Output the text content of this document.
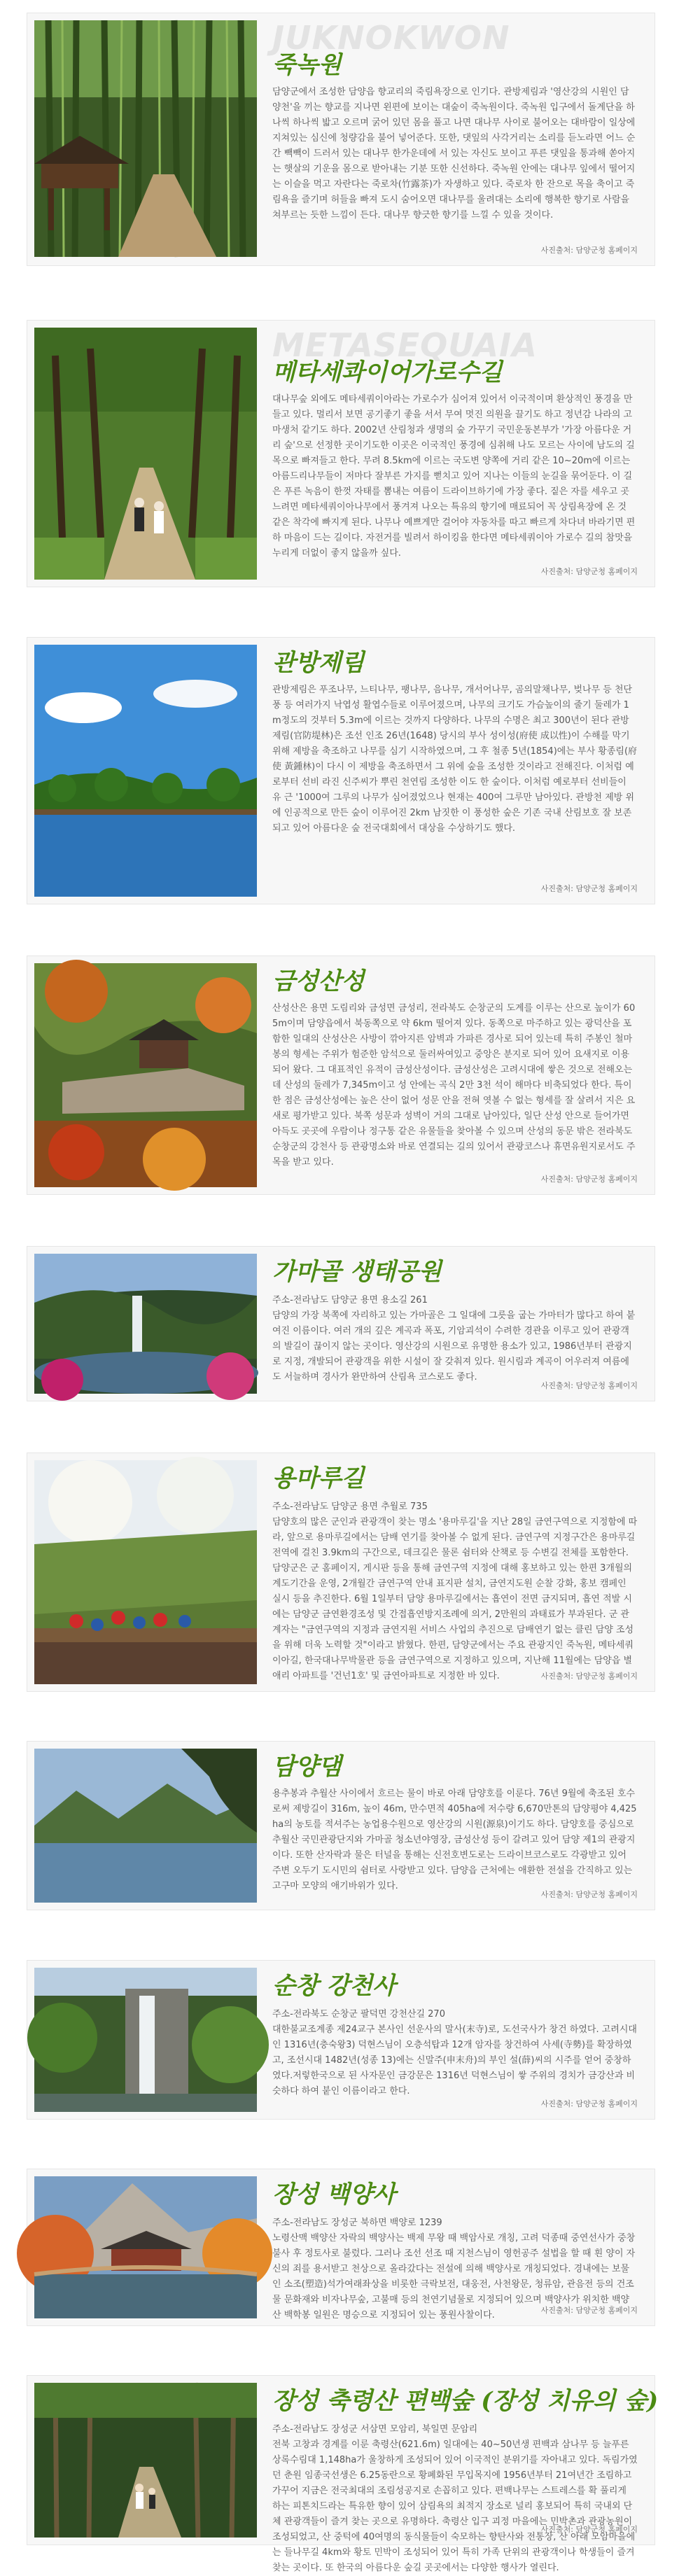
JUKNOKWON
죽녹원
담양군에서 조성한 담양읍 향교리의 죽림욕장으로 인기다. 관방제림과 '영산강의 시원인 담양천'을 끼는 향교를 지나면 왼편에 보이는 대숲이 죽녹원이다. 죽녹원 입구에서 돌계단을 하나씩 하나씩 밟고 오르며 굵어 있던 몸을 풀고 나면 대나무 사이로 불어오는 대바람이 일상에 지쳐있는 심신에 청량감을 불어 넣어준다. 또한, 댓잎의 사각거리는 소리를 듣노라면 어느 순간 빽빽이 드러서 있는 대나무 한가운데에 서 있는 자신도 보이고 푸른 댓잎을 통과해 쏟아지는 햇살의 기운을 몸으로 받아내는 기분 또한 신선하다. 죽녹원 안에는 대나무 잎에서 떨어지는 이슬을 먹고 자란다는 죽로차(竹露茶)가 자생하고 있다. 죽로차 한 잔으로 목을 축이고 죽림욕을 즐기며 허들을 빠져 도시 숨어오면 대나무를 울려대는 소리에 행복한 향기로 사람을 쳐부르는 듯한 느낌이 든다. 대나무 향긋한 향기를 느낄 수 있을 것이다.
사진출처: 담양군청 홈페이지
METASEQUAIA
메타세콰이어가로수길
대나무숲 외에도 메타세쿼이아라는 가로수가 심어져 있어서 이국적이며 환상적인 풍경을 만들고 있다. 멀리서 보면 공기좋기 좋을 서서 무여 멋진 의원을 끌기도 하고 정년감 나라의 고마생처 같기도 하다. 2002년 산림청과 생명의 숲 가꾸기 국민운동본부가 '가장 아름다운 거리 숲'으로 선정한 곳이기도한 이곳은 이국적인 풍경에 심취해 나도 모르는 사이에 남도의 길목으로 빠져들고 한다. 무려 8.5km에 이르는 국도변 양쪽에 거리 같은 10~20m에 이르는 아름드리나무들이 저마다 잘부른 가지를 뻗치고 있어 지나는 이들의 눈길을 묶어둔다. 이 길은 푸른 녹음이 한껏 자태를 뽐내는 여름이 드라이브하기에 가장 좋다. 짙은 자를 세우고 곳느려면 메타세쿼이아나무에서 풍겨져 나오는 특유의 향기에 매료되어 꼭 상림욕장에 온 것 같은 착각에 빠지게 된다. 나무나 예쁘게만 걸어야 자동차를 따고 빠르게 차다녀 바라기면 편하 마음이 드는 길이다. 자전거를 빌려서 하이킹을 한다면 메타세쿼이아 가로수 길의 참맛을 누리게 더없이 좋지 않을까 싶다.
사진출처: 담양군청 홈페이지
관방제림
관방제림은 푸조나무, 느티나무, 팽나무, 음나무, 개서어나무, 곰의말채나무, 벚나무 등 천단풍 등 여러가지 낙엽성 활엽수들로 이루어졌으며, 나무의 크기도 가슴높이의 줄기 둘레가 1m정도의 것부터 5.3m에 이르는 것까지 다양하다. 나무의 수명은 최고 300년이 된다 관방제림(官防堤林)은 조선 인조 26년(1648) 당시의 부사 성이성(府使 成以性)이 수해를 막기 위해 제방을 축조하고 나무를 심기 시작하였으며, 그 후 철종 5년(1854)에는 부사 황종림(府使 黃鍾林)이 다시 이 제방을 축조하면서 그 위에 숲을 조성한 것이라고 전해진다. 이처럼 예로부터 선비 라진 신주씨가 뿌린 천연림 조성한 이도 한 숲이다. 이처럼 예로부터 선비들이 유 근 '1000여 그루의 나무가 심어졌었으나 현재는 400여 그루만 남아있다. 관방천 제방 위에 인공적으로 만든 숲이 이루어진 2km 남짓한 이 풍성한 숲은 기존 국내 산림보호 잘 보존되고 있어 아름다운 숲 전국대회에서 대상을 수상하기도 했다.
사진출처: 담양군청 홈페이지
금성산성
산성산은 용면 도림리와 금성면 금성리, 전라북도 순창군의 도계를 이루는 산으로 높이가 605m이며 담양읍에서 북동쪽으로 약 6km 떨어져 있다. 동쪽으로 마주하고 있는 광덕산을 포함한 일대의 산성산은 사방이 깎아지른 암벽과 가파른 경사로 되어 있는데 특히 주봉인 철마봉의 형세는 주위가 험준한 암석으로 둘러싸여있고 중앙은 분지로 되어 있어 요새지로 이용되어 왔다. 그 대표적인 유적이 금성산성이다. 금성산성은 고려시대에 쌓은 것으로 전해오는데 산성의 둘레가 7,345m이고 성 안에는 곡식 2만 3천 석이 해마다 비축되었다 한다. 특이한 점은 금성산성에는 높은 산이 없어 성문 안을 전혀 엿볼 수 없는 형세를 잘 살려서 지은 요새로 평가받고 있다. 북쪽 성문과 성벽이 거의 그대로 남아있다, 일단 산성 안으로 들어가면 아득도 곳곳에 우람이나 정구통 같은 유물들을 찾아볼 수 있으며 산성의 동문 밖은 전라북도 순창군의 강천사 등 관광명소와 바로 연결되는 길의 있어서 관광코스나 휴면유원지로서도 주목을 받고 있다.
사진출처: 담양군청 홈페이지
가마골 생태공원
주소-전라남도 담양군 용면 용소길 261
담양의 가장 북쪽에 자리하고 있는 가마골은 그 일대에 그릇을 굽는 가마터가 많다고 하여 붙여진 이름이다. 여러 개의 깊은 계곡과 폭포, 기암괴석이 수려한 경관을 이루고 있어 관광객의 발길이 끊이지 않는 곳이다. 영산강의 시원으로 유명한 용소가 있고, 1986년부터 관광지로 지정, 개발되어 관광객을 위한 시설이 잘 갖춰져 있다. 원시림과 계곡이 어우러져 여름에도 서늘하며 경사가 완만하여 산림욕 코스로도 좋다.
사진출처: 담양군청 홈페이지
용마루길
주소-전라남도 담양군 용면 추월로 735
담양호의 많은 군인과 관광객이 찾는 명소 '용마루길'을 지난 28일 금연구역으로 지정함에 따라, 앞으로 용마루길에서는 담배 연기를 찾아볼 수 없게 된다. 금연구역 지정구간은 용마루길 전역에 걸친 3.9km의 구간으로, 데크길은 물론 쉼터와 산책로 등 수변길 전체를 포함한다. 담양군은 군 홈페이지, 게시판 등을 통해 금연구역 지정에 대해 홍보하고 있는 한편 3개월의 계도기간을 운영, 2개월간 금연구역 안내 표지판 설치, 금연지도원 순찰 강화, 홍보 캠페인 실시 등을 추진한다. 6월 1일부터 담양 용마루길에서는 흡연이 전면 금지되며, 흡연 적발 시에는 담양군 금연환경조성 및 간접흡연방지조례에 의거, 2만원의 과태료가 부과된다. 군 관계자는 "금연구역의 지정과 금연지원 서비스 사업의 추진으로 담배연기 없는 클린 담양 조성을 위해 더욱 노력할 것"이라고 밝혔다. 한편, 담양군에서는 주요 관광지인 죽녹원, 메타세쿼이아길, 한국대나무박물관 등을 금연구역으로 지정하고 있으며, 지난해 11월에는 담양읍 별애리 아파트를 '건넌1호' 및 금연아파트로 지정한 바 있다.	사진출처: 담양군청 홈페이지
담양댐
용추봉과 추월산 사이에서 흐르는 물이 바로 아래 담양호를 이룬다. 76년 9월에 축조된 호수로써 제방길이 316m, 높이 46m, 만수면적 405ha에 저수량 6,670만톤의 담양평야 4,425ha의 농토를 적셔주는 농업용수원으로 영산강의 시원(源泉)이기도 하다. 담양호를 중심으로 추월산 국민관광단지와 가마골 청소년야영장, 금성산성 등이 갈려고 있어 담양 제1의 관광지이다. 또한 산자락과 물은 터널을 통해는 신전호변도로는 드라이브코스로도 각광받고 있어 주변 오두기 도시민의 쉼터로 사랑받고 있다. 담양읍 근처에는 애환한 전설을 간직하고 있는 고구마 모양의 애기바위가 있다.
사진출처: 담양군청 홈페이지
순창 강천사
주소-전라북도 순창군 팔덕면 강천산길 270
대한불교조계종 제24교구 본사인 선운사의 말사(末寺)로, 도선국사가 창건 하였다. 고려시대인 1316년(충숙왕3) 덕현스님이 오층석탑과 12개 암자를 창건하여 사세(寺勢)를 확장하였고, 조선시대 1482년(성종 13)에는 신말주(申末舟)의 부인 설(薛)씨의 시주를 얻어 중창하였다.저렇한국으로 된 사자문인 금강문은 1316년 덕현스님이 쌓 주위의 경치가 금강산과 비슷하다 하여 붙인 이름이라고 한다.
사진출처: 담양군청 홈페이지
장성 백양사
주소-전라남도 장성군 북하면 백양로 1239
노령산맥 백양산 자락의 백양사는 백제 무왕 때 백암사로 개칭, 고려 덕종때 중연선사가 중창 불사 후 정토사로 불렀다. 그러나 조선 선조 때 지천스님이 영헌공주 설법을 할 때 흰 양이 자신의 죄를 용서받고 천상으로 올라갔다는 전설에 의해 백양사로 개칭되었다. 경내에는 보물인 소조(塑造)석가여래좌상을 비롯한 극락보전, 대웅전, 사천왕문, 청류암, 관음전 등의 건조물 문화재와 비자나무숲, 고불매 등의 천연기념물로 지정되어 있으며 백양사가 위치한 백양산 백학봉 일원은 명승으로 지정되어 있는 풍원사찰이다.	사진출처: 담양군청 홈페이지
장성 축령산 편백숲 (장성 치유의 숲)
주소-전라남도 장성군 서삼면 모암리, 북일면 문암리
전북 고창과 경계를 이룬 축령산(621.6m) 일대에는 40~50년생 편백과 삼나무 등 늘푸른 상록수림대 1,148ha가 울창하게 조성되어 있어 이국적인 분위기를 자아내고 있다. 독림가였던 춘원 임종국선생은 6.25동란으로 황폐화된 무입목지에 1956년부터 21여년간 조림하고 가꾸어 지금은 전국최대의 조림성공지로 손꼽히고 있다. 편백나무는 스트레스를 확 풀리게 하는 피톤치드라는 특유한 향이 있어 삼림욕의 최적지 장소로 널리 홍보되어 특히 국내외 단체 관광객들이 즐겨 찾는 곳으로 유명하다. 축령산 입구 괴정 마을에는 민박촌과 관광농원이 조성되었고, 산 중턱에 40여명의 동식물들이 숙모하는 향탄사와 전통장, 산 아래 모암마을에는 들나무길 4km와 황토 민박이 조성되어 있어 특히 가족 단위의 관광객이나 학생들이 즐겨 찾는 곳이다. 또 한국의 아름다운 숲길 곳곳에서는 다양한 행사가 열린다.
사진출처: 담양군청 홈페이지
